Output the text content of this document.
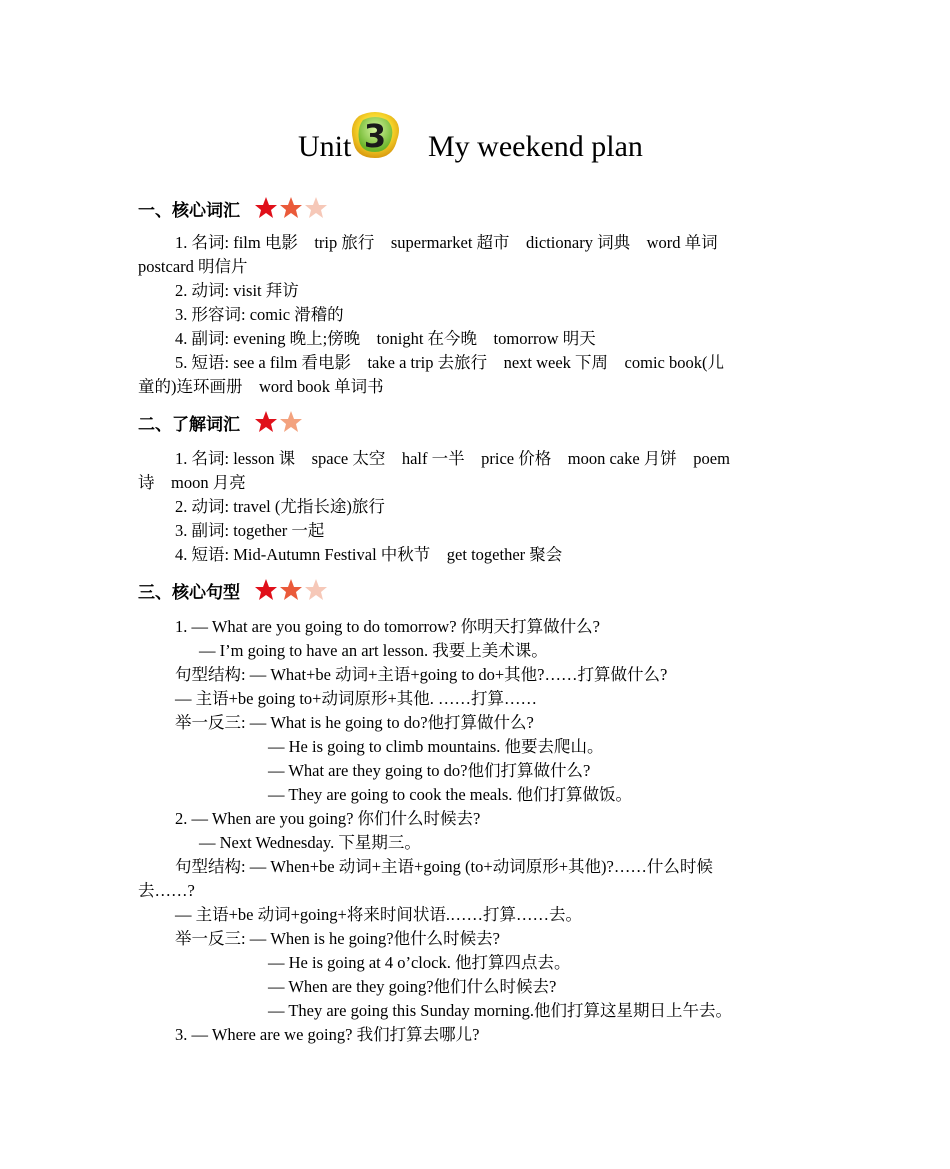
Unit 3 My weekend plan
一、核心词汇
1. 名词: film 电影　trip 旅行　supermarket 超市　dictionary 词典　word 单词
postcard 明信片
2. 动词: visit 拜访
3. 形容词: comic 滑稽的
4. 副词: evening 晚上;傍晚　tonight 在今晚　tomorrow 明天
5. 短语: see a film 看电影　take a trip 去旅行　next week 下周　comic book(儿
童的)连环画册　word book 单词书
二、了解词汇
1. 名词: lesson 课　space 太空　half 一半　price 价格　moon cake 月饼　poem
诗　moon 月亮
2. 动词: travel (尤指长途)旅行
3. 副词: together 一起
4. 短语: Mid-Autumn Festival 中秋节　get together 聚会
三、核心句型
1. — What are you going to do tomorrow? 你明天打算做什么?
— I’m going to have an art lesson. 我要上美术课。
句型结构: — What+be 动词+主语+going to do+其他?……打算做什么?
— 主语+be going to+动词原形+其他. ……打算……
举一反三: — What is he going to do?他打算做什么?
— He is going to climb mountains. 他要去爬山。
— What are they going to do?他们打算做什么?
— They are going to cook the meals. 他们打算做饭。
2. — When are you going? 你们什么时候去?
— Next Wednesday. 下星期三。
句型结构: — When+be 动词+主语+going (to+动词原形+其他)?……什么时候
去……?
— 主语+be 动词+going+将来时间状语.……打算……去。
举一反三: — When is he going?他什么时候去?
— He is going at 4 o’clock. 他打算四点去。
— When are they going?他们什么时候去?
— They are going this Sunday morning.他们打算这星期日上午去。
3. — Where are we going? 我们打算去哪儿?
